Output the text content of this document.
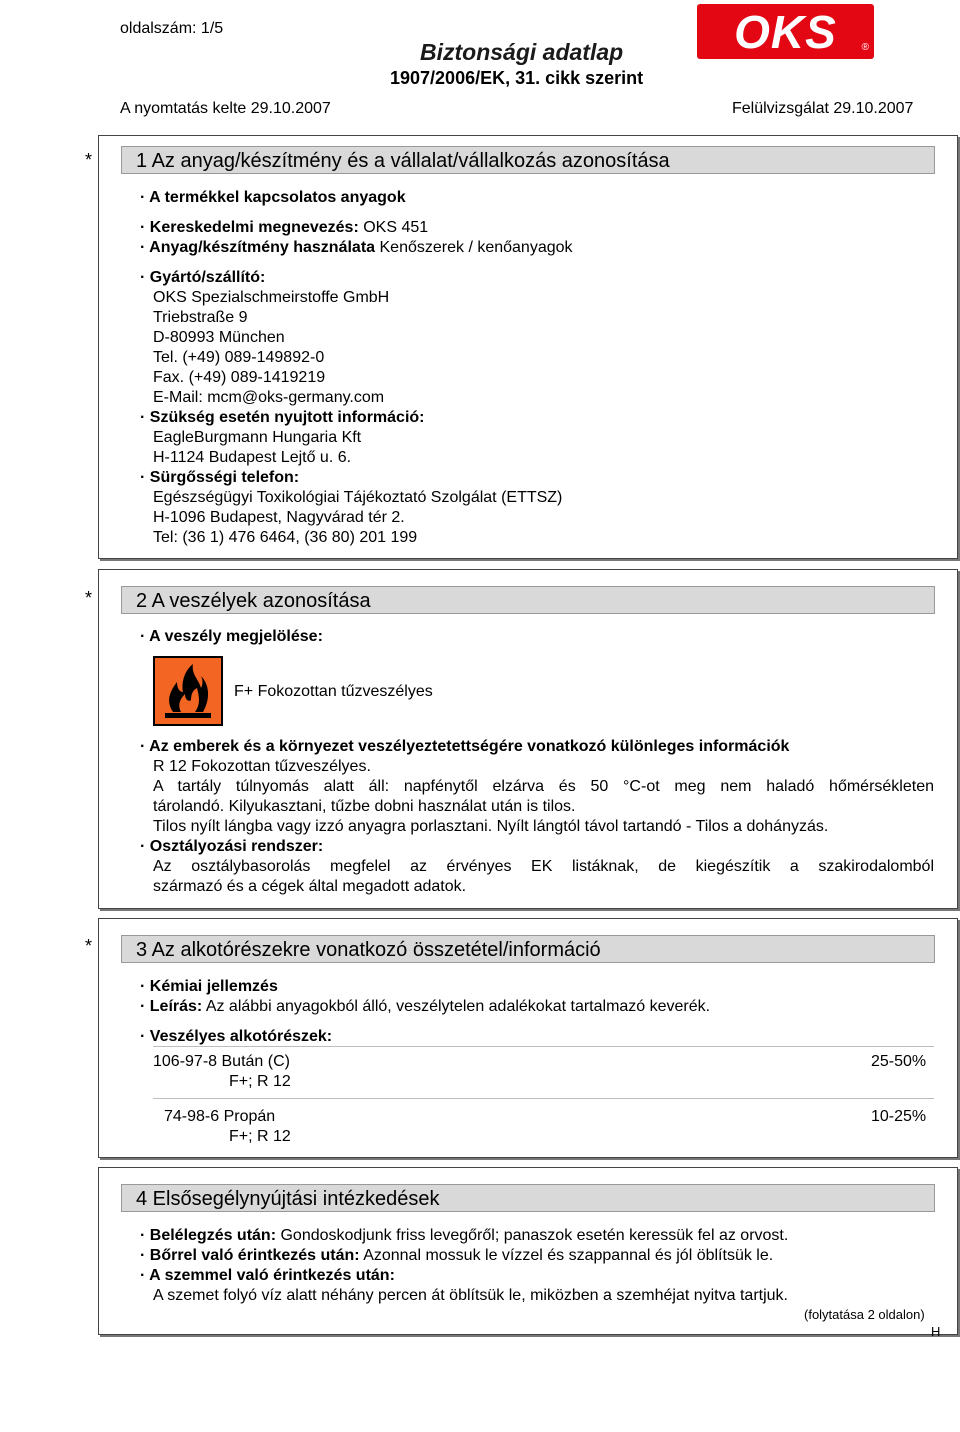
oldalszám: 1/5
Biztonsági adatlap
1907/2006/EK, 31. cikk szerint
OKS $_®$
A nyomtatás kelte 29.10.2007	Felülvizsgálat 29.10.2007
*	1 Az anyag/készítmény és a vállalat/vállalkozás azonosítása
· A termékkel kapcsolatos anyagok
· Kereskedelmi megnevezés: OKS 451
· Anyag/készítmény használata Kenőszerek / kenőanyagok
· Gyártó/szállító:
OKS Spezialschmeirstoffe GmbH
Triebstraße 9
D-80993 München
Tel. (+49) 089-149892-0
Fax. (+49) 089-1419219
E-Mail: mcm@oks-germany.com
· Szükség esetén nyujtott információ:
EagleBurgmann Hungaria Kft
H-1124 Budapest Lejtő u. 6.
· Sürgősségi telefon:
Egészségügyi Toxikológiai Tájékoztató Szolgálat (ETTSZ)
H-1096 Budapest, Nagyvárad tér 2.
Tel: (36 1) 476 6464, (36 80) 201 199
*	2 A veszélyek azonosítása
· A veszély megjelölése:
F+ Fokozottan tűzveszélyes
· Az emberek és a környezet veszélyeztetettségére vonatkozó különleges információk
R 12 Fokozottan tűzveszélyes.
A tartály túlnyomás alatt áll: napfénytől elzárva és 50 °C-ot meg nem haladó hőmérsékleten
tárolandó. Kilyukasztani, tűzbe dobni használat után is tilos.
Tilos nyílt lángba vagy izzó anyagra porlasztani. Nyílt lángtól távol tartandó - Tilos a dohányzás.
· Osztályozási rendszer:
Az osztálybasorolás megfelel az érvényes EK listáknak, de kiegészítik a szakirodalomból
származó és a cégek által megadott adatok.
*	3 Az alkotórészekre vonatkozó összetétel/információ
· Kémiai jellemzés
· Leírás: Az alábbi anyagokból álló, veszélytelen adalékokat tartalmazó keverék.
· Veszélyes alkotórészek:
106-97-8 Bután (C)	25-50%
F+; R 12
74-98-6 Propán	10-25%
F+; R 12
4 Elsősegélynyújtási intézkedések
· Belélegzés után: Gondoskodjunk friss levegőről; panaszok esetén keressük fel az orvost.
· Bőrrel való érintkezés után: Azonnal mossuk le vízzel és szappannal és jól öblítsük le.
· A szemmel való érintkezés után:
A szemet folyó víz alatt néhány percen át öblítsük le, miközben a szemhéjat nyitva tartjuk.
(folytatása 2 oldalon)
H
